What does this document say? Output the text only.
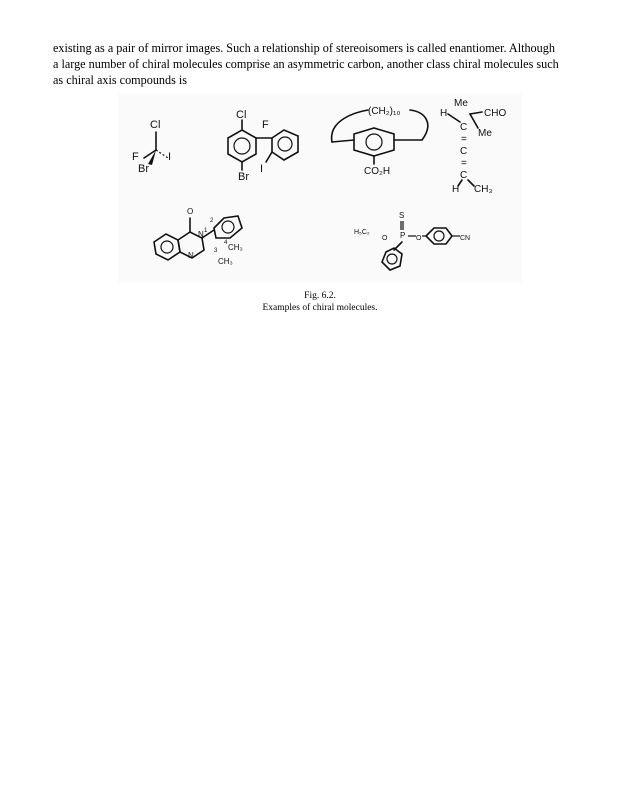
existing as a pair of mirror images. Such a relationship of stereoisomers is called enantiomer. Although
a large number of chiral molecules comprise an asymmetric carbon, another class chiral molecules such
as chiral axis compounds is

Cl
F	I
Br
Cl
F
Br
I
(CH₂)₁₀
CO₂H
Me
H	CHO
C
Me
=
C
=
C
H CH₃
O
N
N
1
2
3
4 CH₃
CH₃
S
H₅C₂
O P O	CN
Fig. 6.2.
Examples of chiral molecules.
